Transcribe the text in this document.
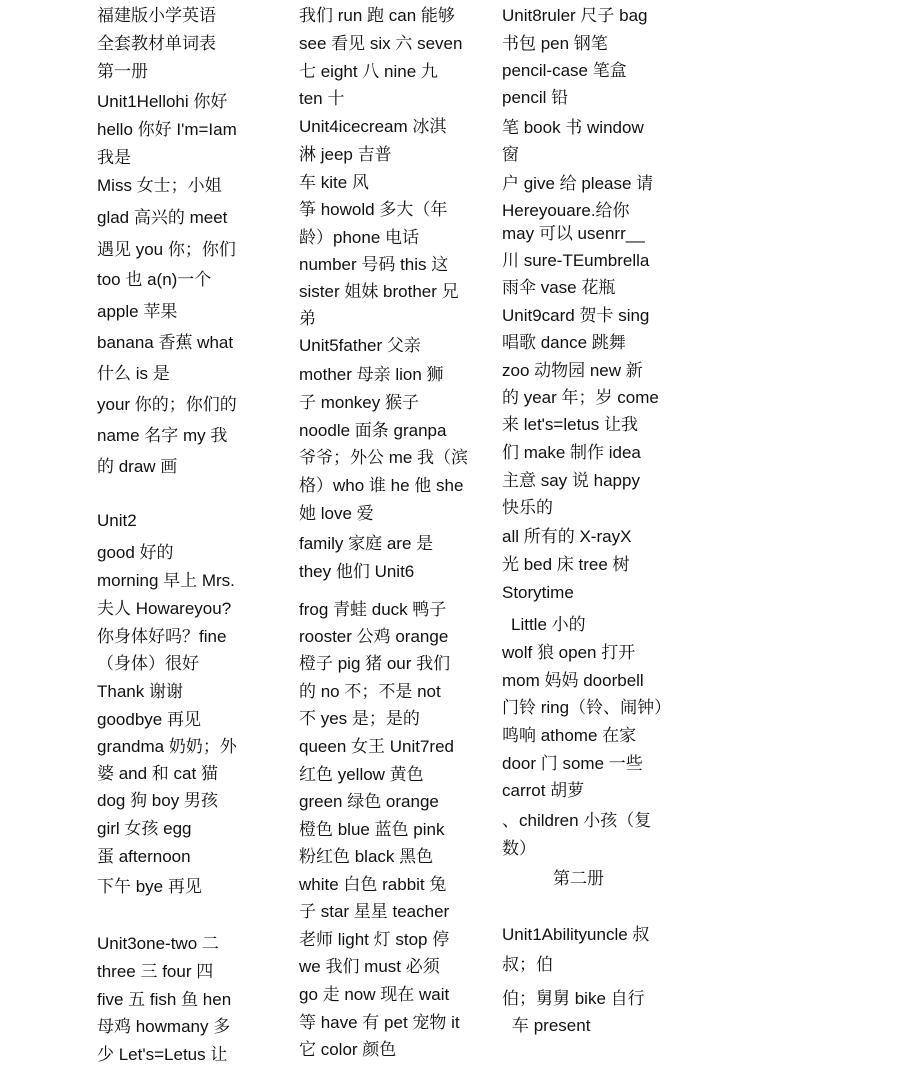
福建版小学英语
全套教材单词表
第一册
Unit1Hellohi 你好
hello 你好 I'm=Iam
我是
Miss 女士；小姐
glad 高兴的 meet
遇见 you 你；你们
too 也 a(n)一个
apple 苹果
banana 香蕉 what
什么 is 是
your 你的；你们的
name 名字 my 我
的 draw 画
Unit2
good 好的
morning 早上 Mrs.
夫人 Howareyou?
你身体好吗？fine
（身体）很好
Thank 谢谢
goodbye 再见
grandma 奶奶；外
婆 and 和 cat 猫
dog 狗 boy 男孩
girl 女孩 egg
蛋 afternoon
下午 bye 再见
Unit3one-two 二
three 三 four 四
five 五 fish 鱼 hen
母鸡 howmany 多
少 Let's=Letus 让
我们 run 跑 can 能够
see 看见 six 六 seven
七 eight 八 nine 九
ten 十
Unit4icecream 冰淇
淋 jeep 吉普
车 kite 风
筝 howold 多大（年
龄）phone 电话
number 号码 this 这
sister 姐妹 brother 兄
弟
Unit5father 父亲
mother 母亲 lion 狮
子 monkey 猴子
noodle 面条 granpa
爷爷；外公 me 我（滨
格）who 谁 he 他 she
她 love 爱
family 家庭 are 是
they 他们 Unit6
frog 青蛙 duck 鸭子
rooster 公鸡 orange
橙子 pig 猪 our 我们
的 no 不；不是 not
不 yes 是；是的
queen 女王 Unit7red
红色 yellow 黄色
green 绿色 orange
橙色 blue 蓝色 pink
粉红色 black 黑色
white 白色 rabbit 兔
子 star 星星 teacher
老师 light 灯 stop 停
we 我们 must 必须
go 走 now 现在 wait
等 have 有 pet 宠物 it
它 color 颜色
Unit8ruler 尺子 bag
书包 pen 钢笔
pencil-case 笔盒
pencil 铅
笔 book 书 window
窗
户 give 给 please 请
Hereyouare.给你
may 可以 usenrr__
川 sure-TEumbrella
雨伞 vase 花瓶
Unit9card 贺卡 sing
唱歌 dance 跳舞
zoo 动物园 new 新
的 year 年；岁 come
来 let's=letus 让我
们 make 制作 idea
主意 say 说 happy
快乐的
all 所有的 X-rayX
光 bed 床 tree 树
Storytime
Little 小的
wolf 狼 open 打开
mom 妈妈 doorbell
门铃 ring（铃、闹钟）
鸣响 athome 在家
door 门 some 一些
carrot 胡萝
、children 小孩（复
数）
第二册
Unit1Abilityuncle 叔
叔；伯
伯；舅舅 bike 自行
车 present
